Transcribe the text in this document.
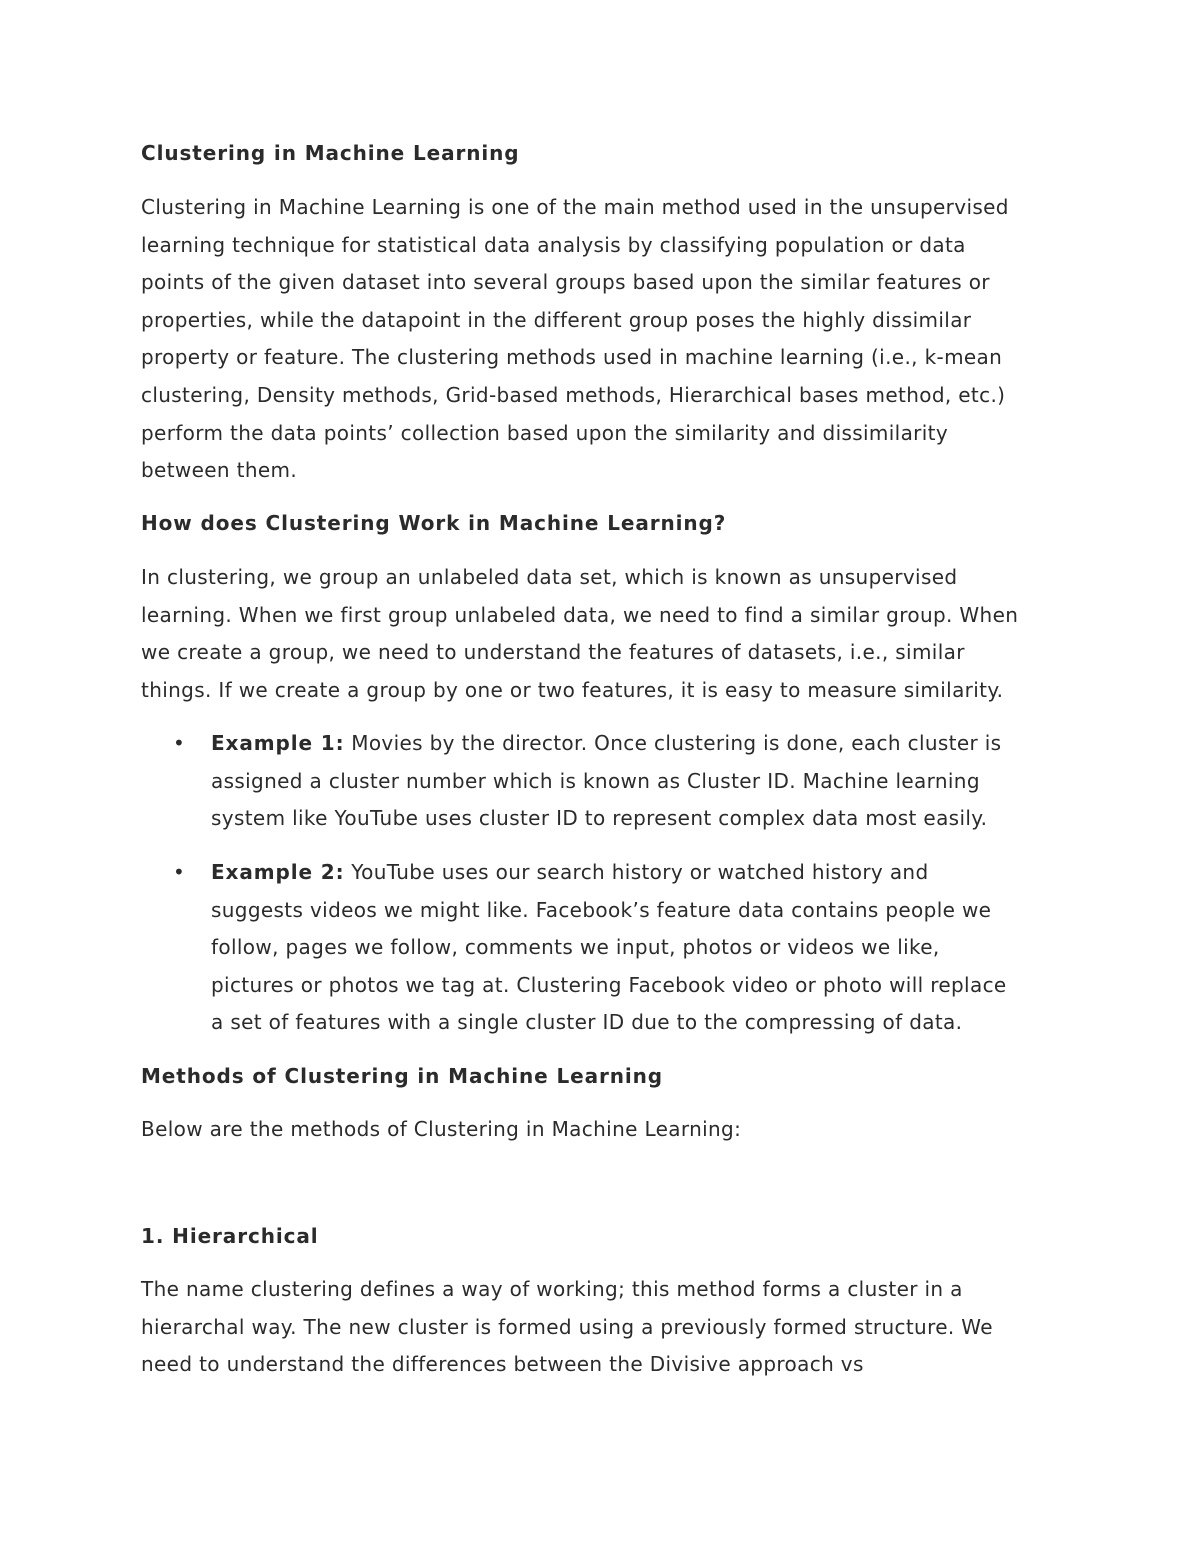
Clustering in Machine Learning

Clustering in Machine Learning is one of the main method used in the unsupervised
learning technique for statistical data analysis by classifying population or data
points of the given dataset into several groups based upon the similar features or
properties, while the datapoint in the different group poses the highly dissimilar
property or feature. The clustering methods used in machine learning (i.e., k-mean
clustering, Density methods, Grid-based methods, Hierarchical bases method, etc.)
perform the data points’ collection based upon the similarity and dissimilarity
between them.

How does Clustering Work in Machine Learning?

In clustering, we group an unlabeled data set, which is known as unsupervised
learning. When we first group unlabeled data, we need to find a similar group. When
we create a group, we need to understand the features of datasets, i.e., similar
things. If we create a group by one or two features, it is easy to measure similarity.
• Example 1: Movies by the director. Once clustering is done, each cluster is
assigned a cluster number which is known as Cluster ID. Machine learning
system like YouTube uses cluster ID to represent complex data most easily.
• Example 2: YouTube uses our search history or watched history and
suggests videos we might like. Facebook’s feature data contains people we
follow, pages we follow, comments we input, photos or videos we like,
pictures or photos we tag at. Clustering Facebook video or photo will replace
a set of features with a single cluster ID due to the compressing of data.

Methods of Clustering in Machine Learning

Below are the methods of Clustering in Machine Learning:

1. Hierarchical

The name clustering defines a way of working; this method forms a cluster in a
hierarchal way. The new cluster is formed using a previously formed structure. We
need to understand the differences between the Divisive approach vs
